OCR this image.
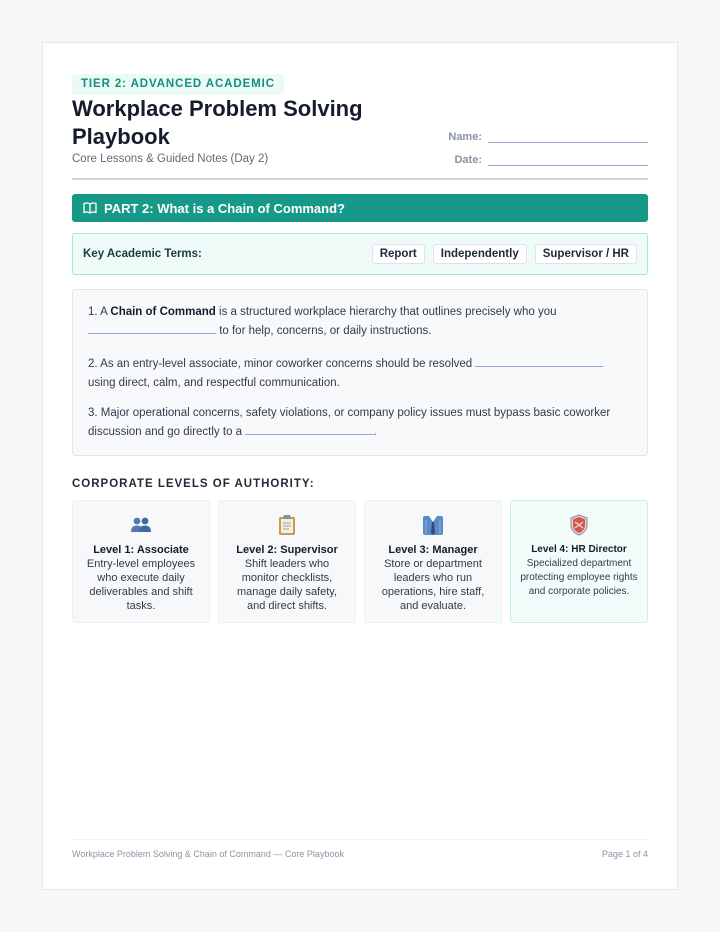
TIER 2: ADVANCED ACADEMIC
Workplace Problem Solving Playbook
Core Lessons & Guided Notes (Day 2)
Name:
Date:
PART 2: What is a Chain of Command?
Key Academic Terms:	Report	Independently	Supervisor / HR

1. A Chain of Command is a structured workplace hierarchy that outlines precisely who you
to for help, concerns, or daily instructions.

2. As an entry-level associate, minor coworker concerns should be resolved  using direct, calm, and respectful communication.

3. Major operational concerns, safety violations, or company policy issues must bypass basic coworker discussion and go directly to a	.

CORPORATE LEVELS OF AUTHORITY:
Level 1: Associate
Entry-level employees who execute daily deliverables and shift tasks.
Level 2: Supervisor
Shift leaders who monitor checklists, manage daily safety, and direct shifts.
Level 3: Manager
Store or department leaders who run operations, hire staff, and evaluate.
Level 4: HR Director
Specialized department protecting employee rights and corporate policies.
Workplace Problem Solving & Chain of Command — Core Playbook	Page 1 of 4
